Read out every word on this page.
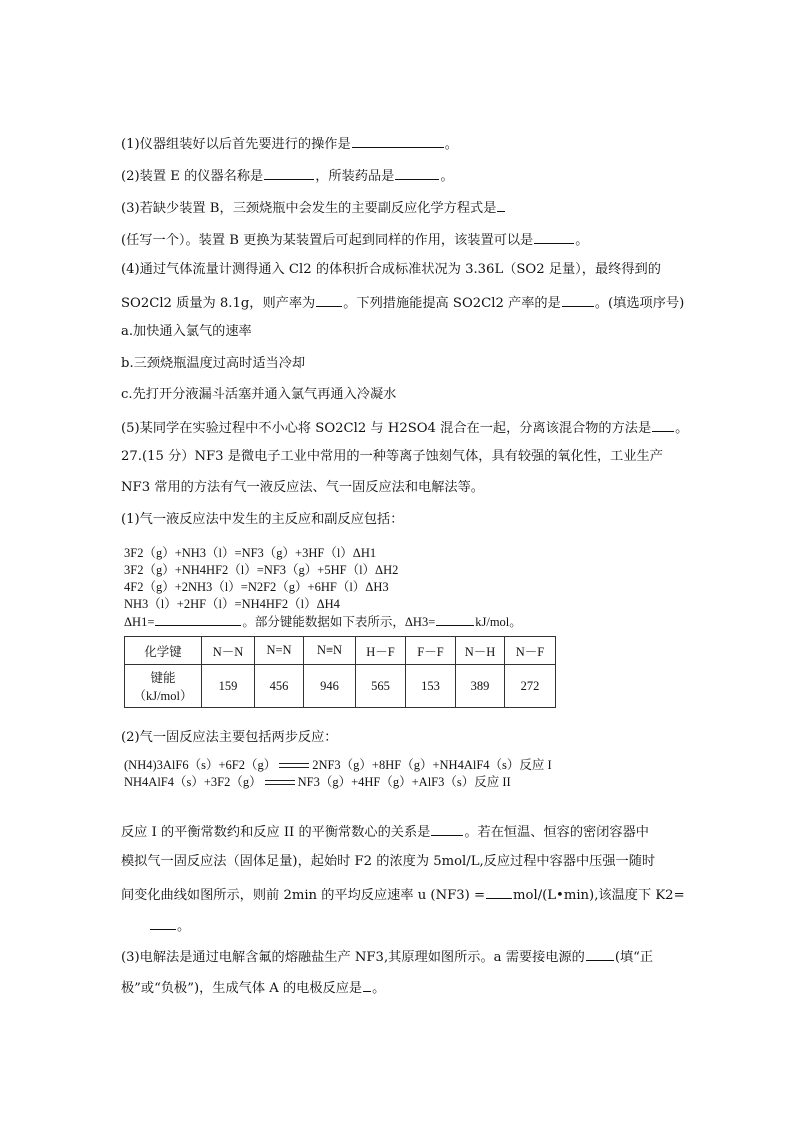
(1)仪器组装好以后首先要进行的操作是	。
(2)装置 E 的仪器名称是	，所装药品是	。
(3)若缺少装置 B，三颈烧瓶中会发生的主要副反应化学方程式是
(任写一个）。装置 B 更换为某装置后可起到同样的作用，该装置可以是	。
(4)通过气体流量计测得通入 Cl2 的体积折合成标准状况为 3.36L（SO2 足量），最终得到的
SO2Cl2 质量为 8.1g，则产率为 。下列措施能提高 SO2Cl2 产率的是	。(填选项序号)
a.加快通入氯气的速率
b.三颈烧瓶温度过高时适当冷却
c.先打开分液漏斗活塞并通入氯气再通入冷凝水
(5)某同学在实验过程中不小心将 SO2Cl2 与 H2SO4 混合在一起，分离该混合物的方法是 。
27.(15 分）NF3 是微电子工业中常用的一种等离子蚀刻气体，具有较强的氧化性，工业生产
NF3 常用的方法有气一液反应法、气一固反应法和电解法等。
(1)气一液反应法中发生的主反应和副反应包括：
3F2（g）+NH3（l）=NF3（g）+3HF（l）ΔH1
3F2（g）+NH4HF2（l）=NF3（g）+5HF（l）ΔH2
4F2（g）+2NH3（l）=N2F2（g）+6HF（l）ΔH3
NH3（l）+2HF（l）=NH4HF2（l）ΔH4
ΔH1=	。部分键能数据如下表所示，ΔH3=	kJ/mol。
化学键	N－N	N=N	N≡N	H－F	F－F	N－H	N－F

键能
（kJ/mol）	159	456	946	565	153	389	272
(2)气一固反应法主要包括两步反应：
(NH4)3AlF6（s）+6F2（g）	2NF3（g）+8HF（g）+NH4AlF4（s）反应 I
NH4AlF4（s）+3F2（g）	NF3（g）+4HF（g）+AlF3（s）反应 II
反应 I 的平衡常数约和反应 II 的平衡常数心的关系是	。若在恒温、恒容的密闭容器中
模拟气一固反应法（固体足量)，起始时 F2 的浓度为 5mol/L,反应过程中容器中压强一随时
间变化曲线如图所示，则前 2min 的平均反应速率 u (NF3) = mol/(L•min),该温度下 K2=
。
(3)电解法是通过电解含氟的熔融盐生产 NF3,其原理如图所示。a 需要接电源的 (填“正
极”或“负极”)，生成气体 A 的电极反应是 。
